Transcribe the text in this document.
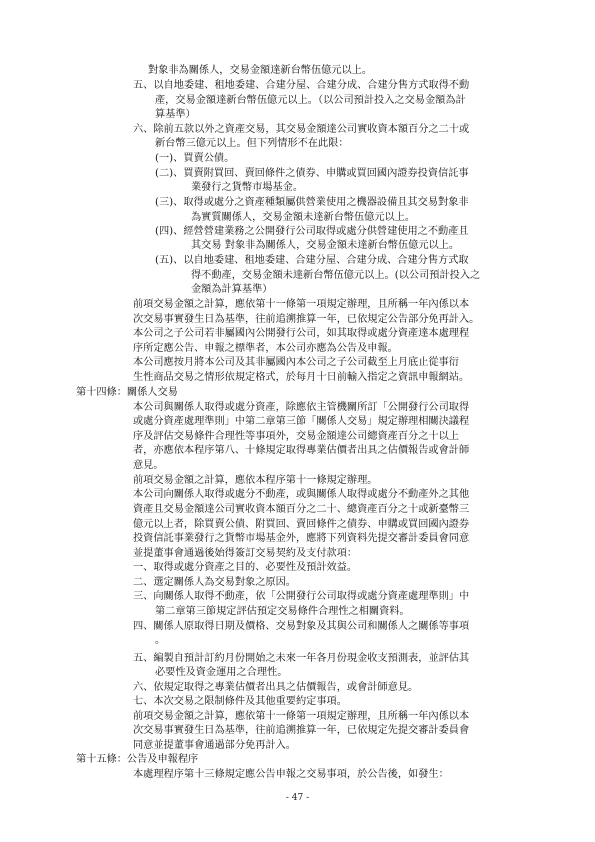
對象非為關係人，交易金額達新台幣伍億元以上。

五、以自地委建、租地委建、合建分屋、合建分成、合建分售方式取得不動

產，交易金額達新台幣伍億元以上。（以公司預計投入之交易金額為計

算基準）

六、除前五款以外之資產交易，其交易金額達公司實收資本額百分之二十或

新台幣三億元以上。但下列情形不在此限：

(一)、買賣公債。

(二)、買賣附買回、賣回條件之債券、申購或買回國內證券投資信託事

業發行之貨幣市場基金。

(三)、取得或處分之資產種類屬供營業使用之機器設備且其交易對象非

為實質關係人，交易金額未達新台幣伍億元以上。

(四)、經營營建業務之公開發行公司取得或處分供營建使用之不動產且

其交易 對象非為關係人，交易金額未達新台幣伍億元以上。

(五)、以自地委建、租地委建、合建分屋、合建分成、合建分售方式取

得不動產，交易金額未達新台幣伍億元以上。(以公司預計投入之

金額為計算基準）

前項交易金額之計算，應依第十一條第一項規定辦理，且所稱一年內係以本

次交易事實發生日為基準，往前追溯推算一年，已依規定公告部分免再計入。

本公司之子公司若非屬國內公開發行公司，如其取得或處分資產達本處理程

序所定應公告、申報之標準者，本公司亦應為公告及申報。

本公司應按月將本公司及其非屬國內本公司之子公司截至上月底止從事衍

生性商品交易之情形依規定格式，於每月十日前輸入指定之資訊申報網站。

第十四條：關係人交易

本公司與關係人取得或處分資產，除應依主管機關所訂「公開發行公司取得

或處分資產處理準則」中第二章第三節「關係人交易」規定辦理相關決議程

序及評估交易條件合理性等事項外，交易金額達公司總資產百分之十以上

者，亦應依本程序第八、十條規定取得專業估價者出具之估價報告或會計師

意見。

前項交易金額之計算，應依本程序第十一條規定辦理。

本公司向關係人取得或處分不動產，或與關係人取得或處分不動產外之其他

資產且交易金額達公司實收資本額百分之二十、總資產百分之十或新臺幣三

億元以上者，除買賣公債、附買回、賣回條件之債券、申購或買回國內證券

投資信託事業發行之貨幣市場基金外，應將下列資料先提交審計委員會同意

並提董事會通過後始得簽訂交易契約及支付款項：

一、取得或處分資產之目的、必要性及預計效益。

二、選定關係人為交易對象之原因。

三、向關係人取得不動產，依「公開發行公司取得或處分資產處理準則」中

第二章第三節規定評估預定交易條件合理性之相關資料。

四、關係人原取得日期及價格、交易對象及其與公司和關係人之關係等事項

。

五、編製自預計訂約月份開始之未來一年各月份現金收支預測表，並評估其

必要性及資金運用之合理性。

六、依規定取得之專業估價者出具之估價報告，或會計師意見。

七、本次交易之限制條件及其他重要約定事項。

前項交易金額之計算，應依第十一條第一項規定辦理，且所稱一年內係以本

次交易事實發生日為基準，往前追溯推算一年，已依規定先提交審計委員會

同意並提董事會通過部分免再計入。

第十五條：公告及申報程序

本處理程序第十三條規定應公告申報之交易事項，於公告後，如發生：

- 47 -
